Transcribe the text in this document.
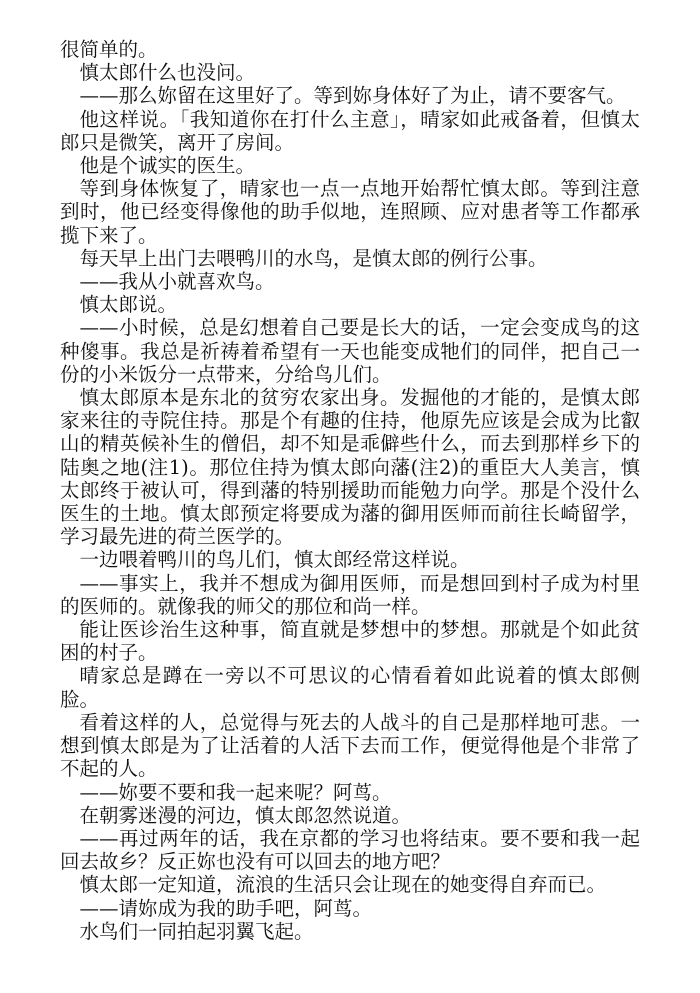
很简单的。

慎太郎什么也没问。

——那么妳留在这里好了。等到妳身体好了为止，请不要客气。

他这样说。「我知道你在打什么主意」，晴家如此戒备着，但慎太郎只是微笑，离开了房间。

他是个诚实的医生。

等到身体恢复了，晴家也一点一点地开始帮忙慎太郎。等到注意到时，他已经变得像他的助手似地，连照顾、应对患者等工作都承揽下来了。

每天早上出门去喂鸭川的水鸟，是慎太郎的例行公事。

——我从小就喜欢鸟。

慎太郎说。

——小时候，总是幻想着自己要是长大的话，一定会变成鸟的这种傻事。我总是祈祷着希望有一天也能变成牠们的同伴，把自己一份的小米饭分一点带来，分给鸟儿们。

慎太郎原本是东北的贫穷农家出身。发掘他的才能的，是慎太郎家来往的寺院住持。那是个有趣的住持，他原先应该是会成为比叡山的精英候补生的僧侣，却不知是乖僻些什么，而去到那样乡下的陆奥之地(注1)。那位住持为慎太郎向藩(注2)的重臣大人美言，慎太郎终于被认可，得到藩的特别援助而能勉力向学。那是个没什么医生的土地。慎太郎预定将要成为藩的御用医师而前往长崎留学，学习最先进的荷兰医学的。

一边喂着鸭川的鸟儿们，慎太郎经常这样说。

——事实上，我并不想成为御用医师，而是想回到村子成为村里的医师的。就像我的师父的那位和尚一样。

能让医诊治生这种事，简直就是梦想中的梦想。那就是个如此贫困的村子。

晴家总是蹲在一旁以不可思议的心情看着如此说着的慎太郎侧脸。

看着这样的人，总觉得与死去的人战斗的自己是那样地可悲。一想到慎太郎是为了让活着的人活下去而工作，便觉得他是个非常了不起的人。

——妳要不要和我一起来呢？阿茑。

在朝雾迷漫的河边，慎太郎忽然说道。

——再过两年的话，我在京都的学习也将结束。要不要和我一起回去故乡？反正妳也没有可以回去的地方吧？

慎太郎一定知道，流浪的生活只会让现在的她变得自弃而已。

——请妳成为我的助手吧，阿茑。

水鸟们一同拍起羽翼飞起。
